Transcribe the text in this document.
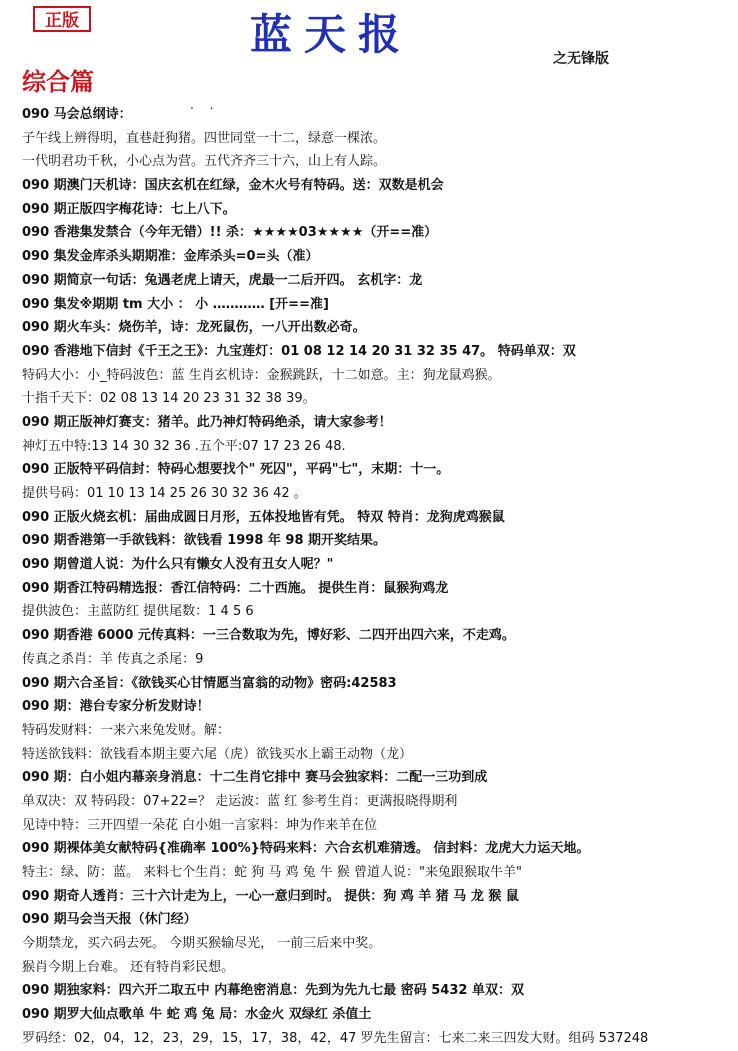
正版	蓝天报	之无锋版
综合篇
. .
090 马会总纲诗：
子午线上辨得明，直巷赶狗猪。四世同堂一十二，绿意一棵浓。
一代明君功千秋，小心点为营。五代齐齐三十六，山上有人踪。
090 期澳门天机诗：国庆玄机在红绿，金木火号有特码。送：双数是机会
090 期正版四字梅花诗：七上八下。
090 香港集发禁合（今年无错）!! 杀：★★★★03★★★★（开==准）
090 集发金库杀头期期准：金库杀头=0=头（准）
090 期简京一句话：兔遇老虎上请天，虎最一二后开四。 玄机字：龙
090 集发※期期 tm 大小 ： 小 ………… [开==准]
090 期火车头：烧伤羊，诗：龙死鼠伤，一八开出数必奇。
090 香港地下信封《千王之王》：九宝莲灯：01 08 12 14 20 31 32 35 47。 特码单双：双
特码大小：小_特码波色：蓝 生肖玄机诗：金猴跳跃，十二如意。主：狗龙鼠鸡猴。
十指千天下：02 08 13 14 20 23 31 32 38 39。
090 期正版神灯赛支：猪羊。此乃神灯特码绝杀，请大家参考！
神灯五中特:13 14 30 32 36 .五个平:07 17 23 26 48.
090 正版特平码信封：特码心想要找个" 死囚"，平码"七"，末期：十一。
提供号码：01 10 13 14 25 26 30 32 36 42 。
090 正版火烧玄机：届曲成圆日月形，五体投地皆有凭。 特双 特肖：龙狗虎鸡猴鼠
090 期香港第一手欲钱料：欲钱看 1998 年 98 期开奖结果。
090 期曾道人说：为什么只有懒女人没有丑女人呢？"
090 期香江特码精选报：香江信特码：二十西施。 提供生肖：鼠猴狗鸡龙
提供波色：主蓝防红 提供尾数：1 4 5 6
090 期香港 6000 元传真料：一三合数取为先，博好彩、二四开出四六来，不走鸡。
传真之杀肖：羊 传真之杀尾：9
090 期六合圣旨：《欲钱买心甘情愿当富翁的动物》密码:42583
090 期：港台专家分析发财诗！
特码发财料：一来六来兔发财。解：
特送欲钱料：欲钱看本期主要六尾（虎）欲钱买水上霸王动物（龙）
090 期：白小姐内幕亲身消息：十二生肖它排中 赛马会独家料：二配一三功到成
单双决：双 特码段：07+22=？ 走运波：蓝 红 参考生肖：更满报晓得期利
见诗中特：三开四望一朵花 白小姐一言家料：坤为作来羊在位
090 期裸体美女献特码{准确率 100%}特码来料：六合玄机难猜透。 信封料：龙虎大力运天地。
特主：绿、防：蓝。 来料七个生肖：蛇 狗 马 鸡 兔 牛 猴 曾道人说："来兔跟猴取牛羊"
090 期奇人透肖：三十六计走为上，一心一意归到时。 提供：狗 鸡 羊 猪 马 龙 猴 鼠
090 期马会当天报（休门经）
今期禁龙，买六码去死。 今期买猴输尽光， 一前三后来中奖。
猴肖今期上台难。 还有特肖彩民想。
090 期独家料：四六开二取五中 内幕绝密消息：先到为先九七最 密码 5432 单双：双
090 期罗大仙点歌单 牛 蛇 鸡 兔 局：水金火 双绿红 杀值土
罗码经：02，04，12，23，29，15，17，38，42，47 罗先生留言：七来二来三四发大财。组码 537248
